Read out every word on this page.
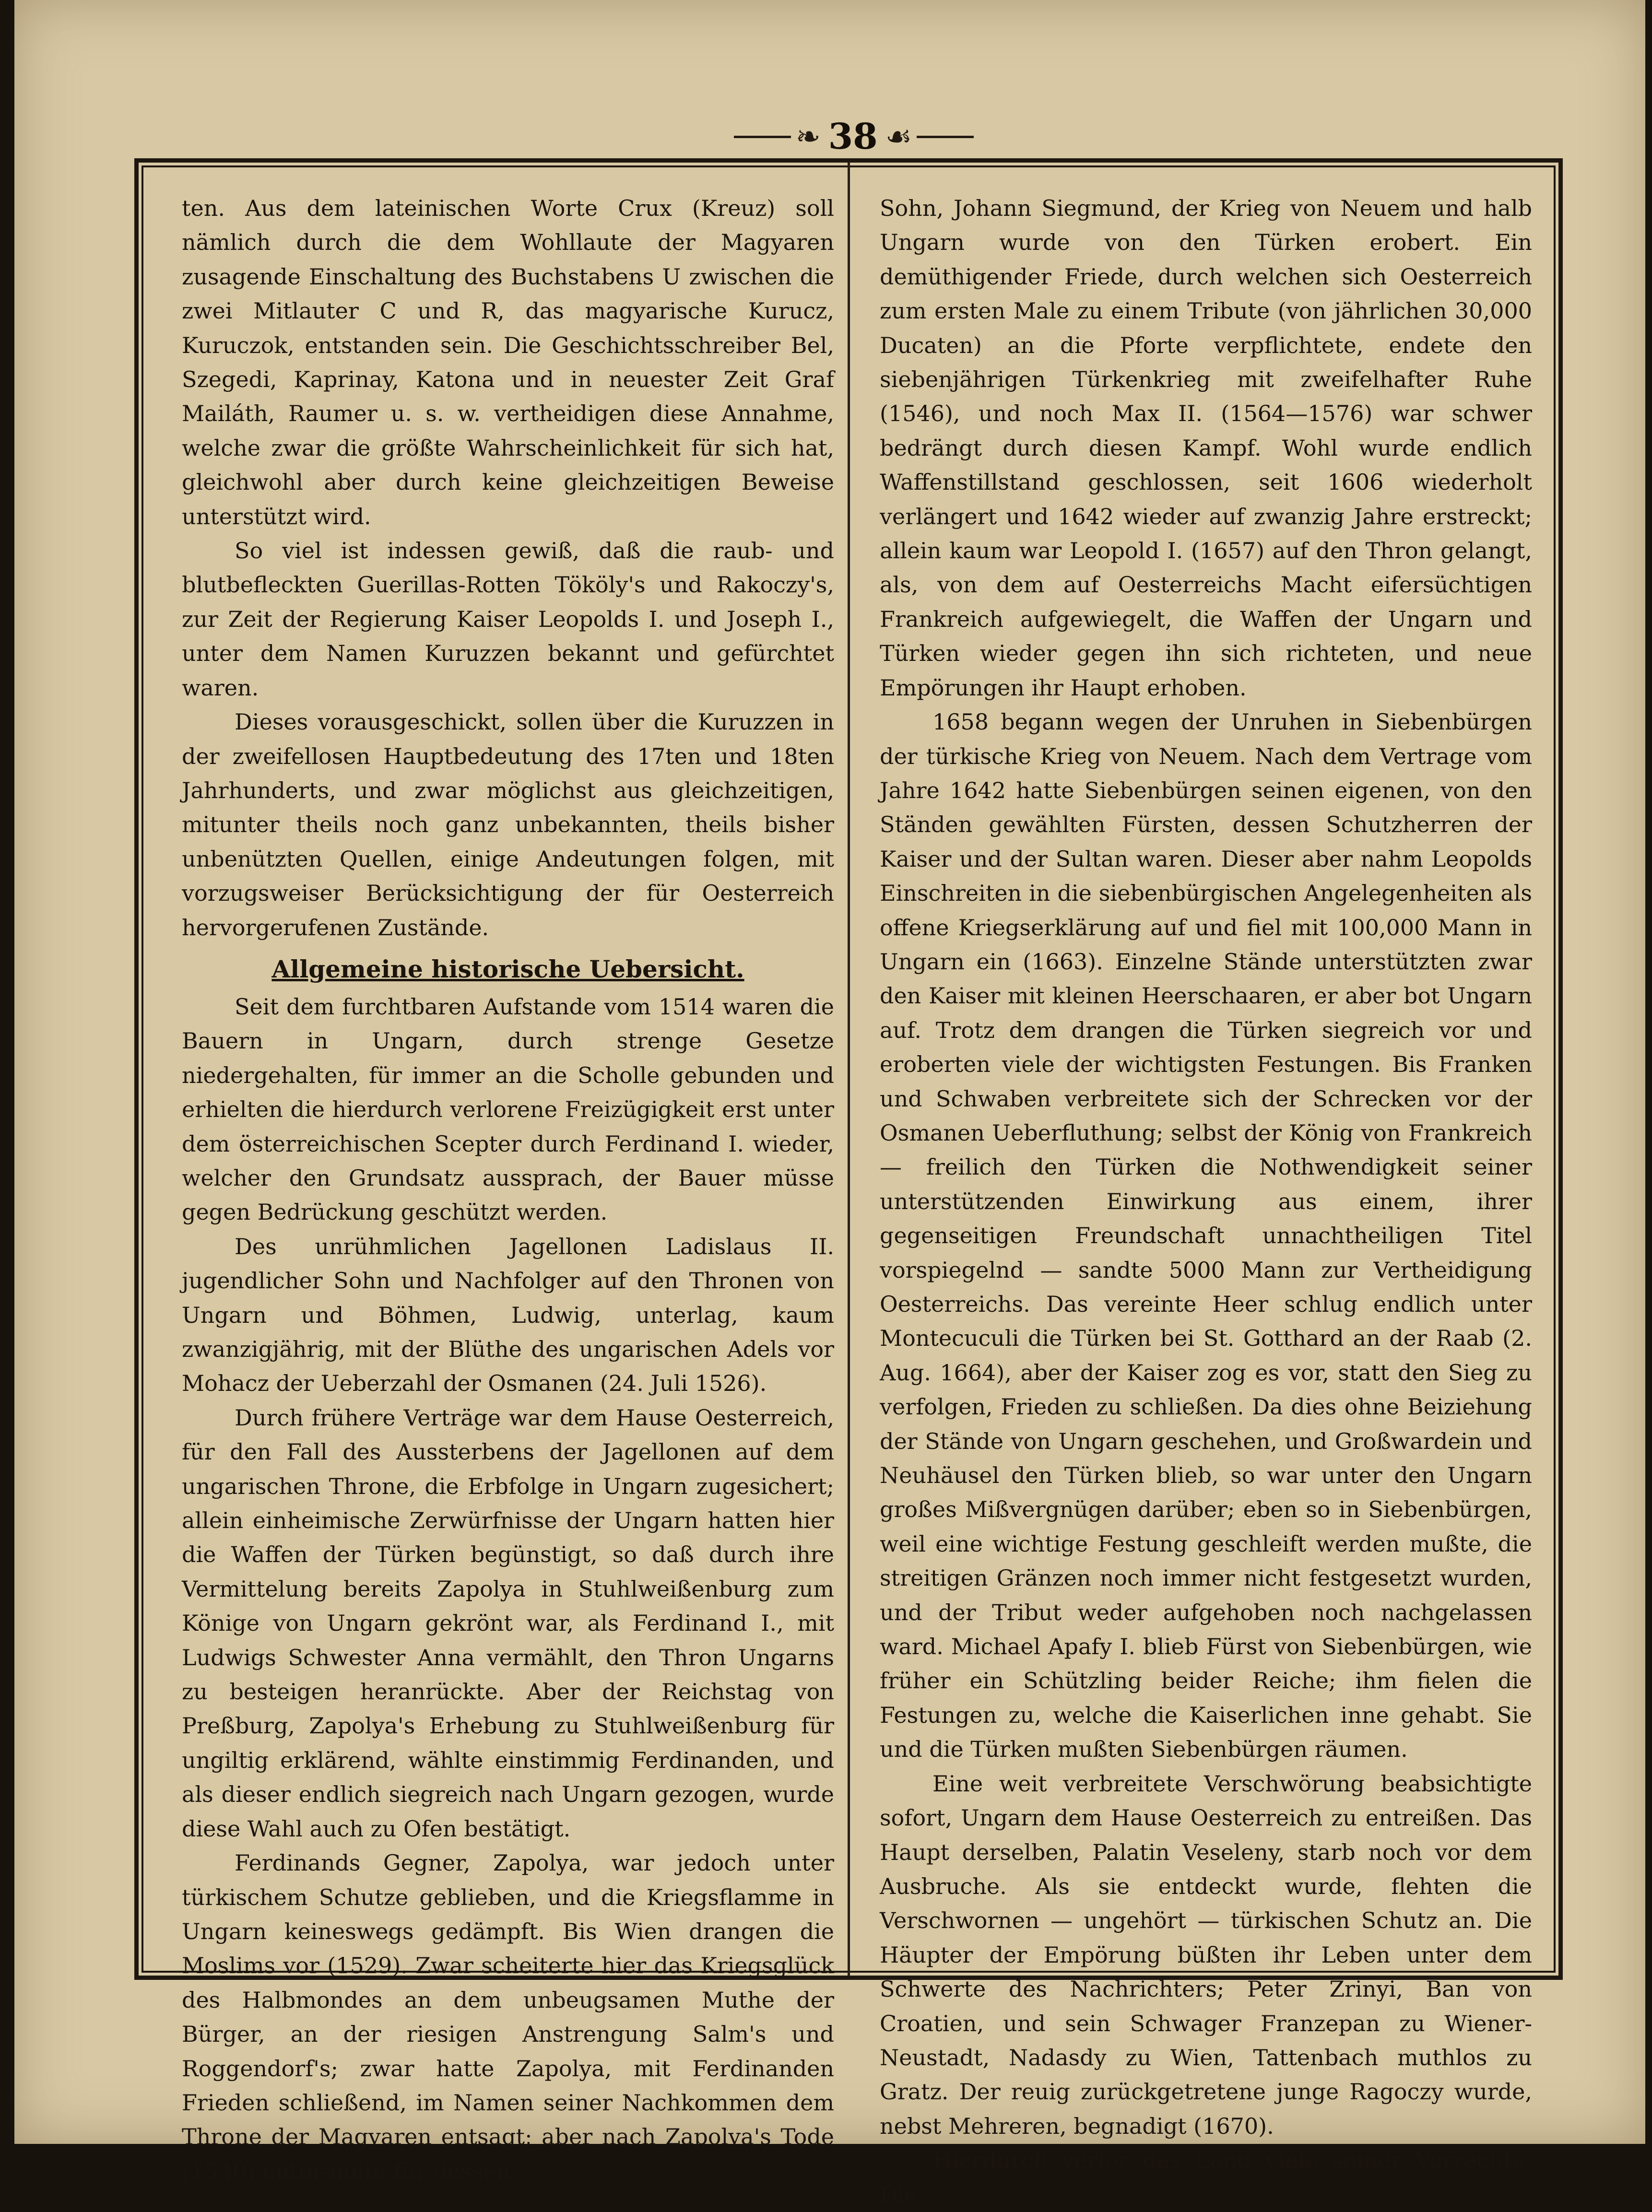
❧ 38 ☙

ten. Aus dem lateinischen Worte Crux (Kreuz) soll nämlich durch die dem Wohllaute der Magyaren zusagende Einschaltung des Buchstabens U zwischen die zwei Mitlauter C und R, das magyarische Kurucz, Kuruczok, entstanden sein. Die Geschichtsschreiber Bel, Szegedi, Kaprinay, Katona und in neuester Zeit Graf Mailáth, Raumer u. s. w. vertheidigen diese Annahme, welche zwar die größte Wahrscheinlichkeit für sich hat, gleichwohl aber durch keine gleichzeitigen Beweise unterstützt wird.

So viel ist indessen gewiß, daß die raub- und blutbefleckten Guerillas-Rotten Tököly's und Rakoczy's, zur Zeit der Regierung Kaiser Leopolds I. und Joseph I., unter dem Namen Kuruzzen bekannt und gefürchtet waren.

Dieses vorausgeschickt, sollen über die Kuruzzen in der zweifellosen Hauptbedeutung des 17ten und 18ten Jahrhunderts, und zwar möglichst aus gleichzeitigen, mitunter theils noch ganz unbekannten, theils bisher unbenützten Quellen, einige Andeutungen folgen, mit vorzugsweiser Berücksichtigung der für Oesterreich hervorgerufenen Zustände.

Allgemeine historische Uebersicht.

Seit dem furchtbaren Aufstande vom 1514 waren die Bauern in Ungarn, durch strenge Gesetze niedergehalten, für immer an die Scholle gebunden und erhielten die hierdurch verlorene Freizügigkeit erst unter dem österreichischen Scepter durch Ferdinand I. wieder, welcher den Grundsatz aussprach, der Bauer müsse gegen Bedrückung geschützt werden.

Des unrühmlichen Jagellonen Ladislaus II. jugendlicher Sohn und Nachfolger auf den Thronen von Ungarn und Böhmen, Ludwig, unterlag, kaum zwanzigjährig, mit der Blüthe des ungarischen Adels vor Mohacz der Ueberzahl der Osmanen (24. Juli 1526).

Durch frühere Verträge war dem Hause Oesterreich, für den Fall des Aussterbens der Jagellonen auf dem ungarischen Throne, die Erbfolge in Ungarn zugesichert; allein einheimische Zerwürfnisse der Ungarn hatten hier die Waffen der Türken begünstigt, so daß durch ihre Vermittelung bereits Zapolya in Stuhlweißenburg zum Könige von Ungarn gekrönt war, als Ferdinand I., mit Ludwigs Schwester Anna vermählt, den Thron Ungarns zu besteigen heranrückte. Aber der Reichstag von Preßburg, Zapolya's Erhebung zu Stuhlweißenburg für ungiltig erklärend, wählte einstimmig Ferdinanden, und als dieser endlich siegreich nach Ungarn gezogen, wurde diese Wahl auch zu Ofen bestätigt.

Ferdinands Gegner, Zapolya, war jedoch unter türkischem Schutze geblieben, und die Kriegsflamme in Ungarn keineswegs gedämpft. Bis Wien drangen die Moslims vor (1529). Zwar scheiterte hier das Kriegsglück des Halbmondes an dem unbeugsamen Muthe der Bürger, an der riesigen Anstrengung Salm's und Roggendorf's; zwar hatte Zapolya, mit Ferdinanden Frieden schließend, im Namen seiner Nachkommen dem Throne der Magyaren entsagt; aber nach Zapolya's Tode (1540) entbrannte für dessen

Sohn, Johann Siegmund, der Krieg von Neuem und halb Ungarn wurde von den Türken erobert. Ein demüthigender Friede, durch welchen sich Oesterreich zum ersten Male zu einem Tribute (von jährlichen 30,000 Ducaten) an die Pforte verpflichtete, endete den siebenjährigen Türkenkrieg mit zweifelhafter Ruhe (1546), und noch Max II. (1564—1576) war schwer bedrängt durch diesen Kampf. Wohl wurde endlich Waffenstillstand geschlossen, seit 1606 wiederholt verlängert und 1642 wieder auf zwanzig Jahre erstreckt; allein kaum war Leopold I. (1657) auf den Thron gelangt, als, von dem auf Oesterreichs Macht eifersüchtigen Frankreich aufgewiegelt, die Waffen der Ungarn und Türken wieder gegen ihn sich richteten, und neue Empörungen ihr Haupt erhoben.

1658 begann wegen der Unruhen in Siebenbürgen der türkische Krieg von Neuem. Nach dem Vertrage vom Jahre 1642 hatte Siebenbürgen seinen eigenen, von den Ständen gewählten Fürsten, dessen Schutzherren der Kaiser und der Sultan waren. Dieser aber nahm Leopolds Einschreiten in die siebenbürgischen Angelegenheiten als offene Kriegserklärung auf und fiel mit 100,000 Mann in Ungarn ein (1663). Einzelne Stände unterstützten zwar den Kaiser mit kleinen Heerschaaren, er aber bot Ungarn auf. Trotz dem drangen die Türken siegreich vor und eroberten viele der wichtigsten Festungen. Bis Franken und Schwaben verbreitete sich der Schrecken vor der Osmanen Ueberfluthung; selbst der König von Frankreich — freilich den Türken die Nothwendigkeit seiner unterstützenden Einwirkung aus einem, ihrer gegenseitigen Freundschaft unnachtheiligen Titel vorspiegelnd — sandte 5000 Mann zur Vertheidigung Oesterreichs. Das vereinte Heer schlug endlich unter Montecuculi die Türken bei St. Gotthard an der Raab (2. Aug. 1664), aber der Kaiser zog es vor, statt den Sieg zu verfolgen, Frieden zu schließen. Da dies ohne Beiziehung der Stände von Ungarn geschehen, und Großwardein und Neuhäusel den Türken blieb, so war unter den Ungarn großes Mißvergnügen darüber; eben so in Siebenbürgen, weil eine wichtige Festung geschleift werden mußte, die streitigen Gränzen noch immer nicht festgesetzt wurden, und der Tribut weder aufgehoben noch nachgelassen ward. Michael Apafy I. blieb Fürst von Siebenbürgen, wie früher ein Schützling beider Reiche; ihm fielen die Festungen zu, welche die Kaiserlichen inne gehabt. Sie und die Türken mußten Siebenbürgen räumen.

Eine weit verbreitete Verschwörung beabsichtigte sofort, Ungarn dem Hause Oesterreich zu entreißen. Das Haupt derselben, Palatin Veseleny, starb noch vor dem Ausbruche. Als sie entdeckt wurde, flehten die Verschwornen — ungehört — türkischen Schutz an. Die Häupter der Empörung büßten ihr Leben unter dem Schwerte des Nachrichters; Peter Zrinyi, Ban von Croatien, und sein Schwager Franzepan zu Wiener-Neustadt, Nadasdy zu Wien, Tattenbach muthlos zu Gratz. Der reuig zurückgetretene junge Ragoczy wurde, nebst Mehreren, begnadigt (1670).

Hierdurch verlor das Land viele seiner Vorrechte. Die
